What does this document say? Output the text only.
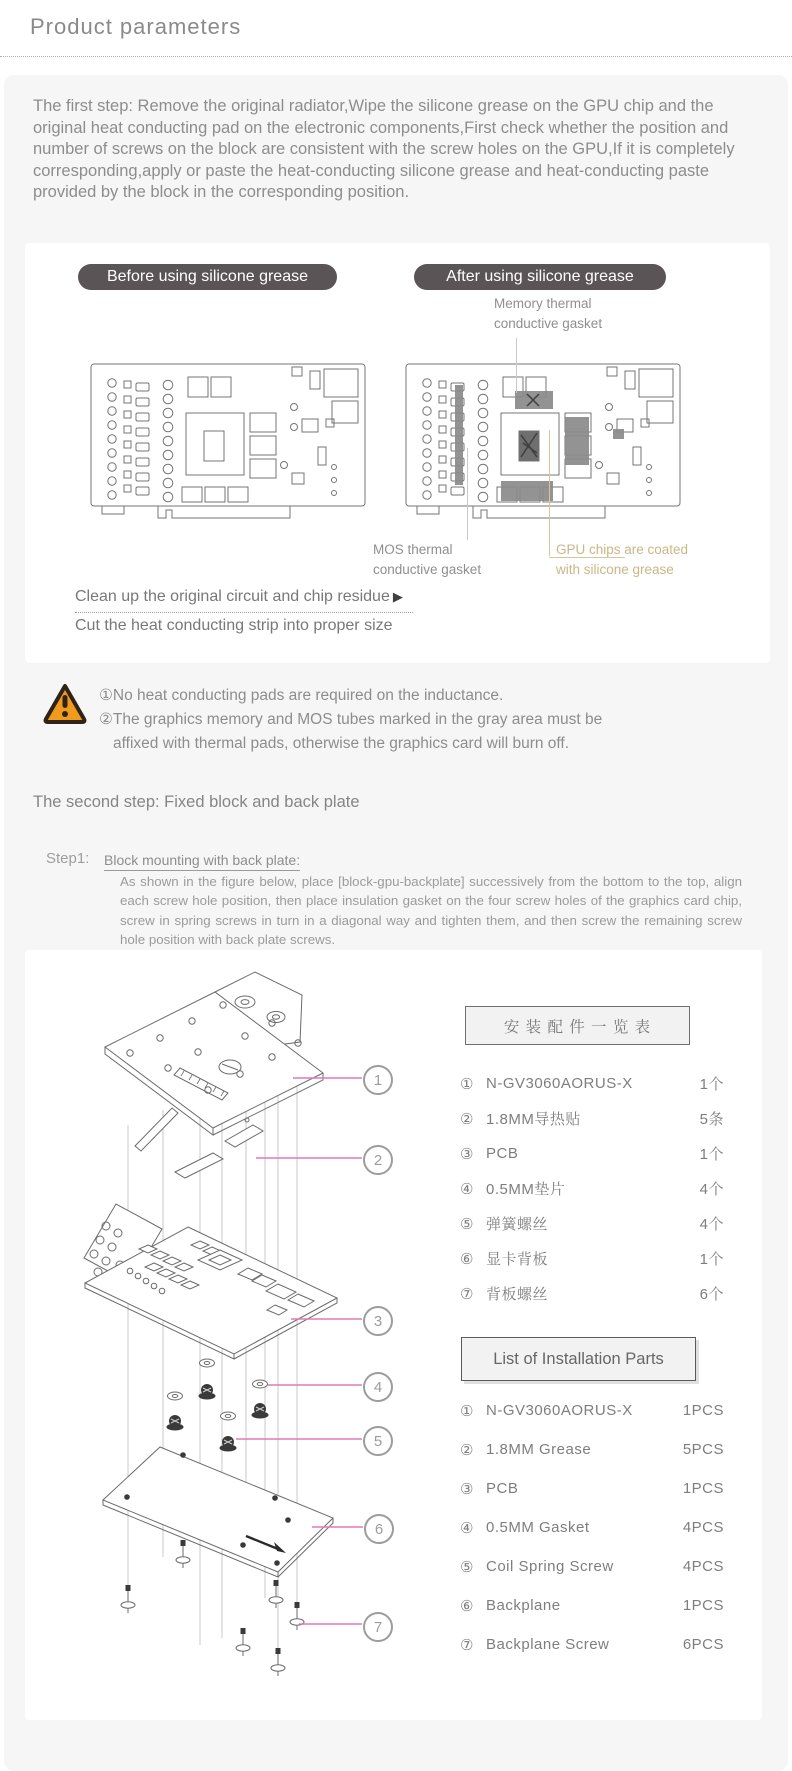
Product parameters

The first step: Remove the original radiator,Wipe the silicone grease on the GPU chip and the original heat conducting pad on the electronic components,First check whether the position and number of screws on the block are consistent with the screw holes on the GPU,If it is completely corresponding,apply or paste the heat-conducting silicone grease and heat-conducting paste provided by the block in the corresponding position.

Before using silicone grease	After using silicone grease
Memory thermal
conductive gasket
MOS thermal
conductive gasket
GPU chips are coated
with silicone grease
Clean up the original circuit and chip residue ▶
Cut the heat conducting strip into proper size
①No heat conducting pads are required on the inductance.
②The graphics memory and MOS tubes marked in the gray area must be
affixed with thermal pads, otherwise the graphics card will burn off.
The second step: Fixed block and back plate
Step1: Block mounting with back plate:

As shown in the figure below, place [block-gpu-backplate] successively from the bottom to the top, align each screw hole position, then place insulation gasket on the four screw holes of the graphics card chip, screw in spring screws in turn in a diagonal way and tighten them, and then screw the remaining screw hole position with back plate screws.

1
2
3
4
5
6
7
安 装 配 件 一 览 表
① N-GV3060AORUS-X	1个
② 1.8MM导热贴	5条
③ PCB	1个
④ 0.5MM垫片	4个
⑤ 弹簧螺丝	4个
⑥ 显卡背板	1个
⑦ 背板螺丝	6个
List of Installation Parts
① N-GV3060AORUS-X	1PCS
② 1.8MM Grease	5PCS
③ PCB	1PCS
④ 0.5MM Gasket	4PCS
⑤ Coil Spring Screw	4PCS
⑥ Backplane	1PCS
⑦ Backplane Screw	6PCS
